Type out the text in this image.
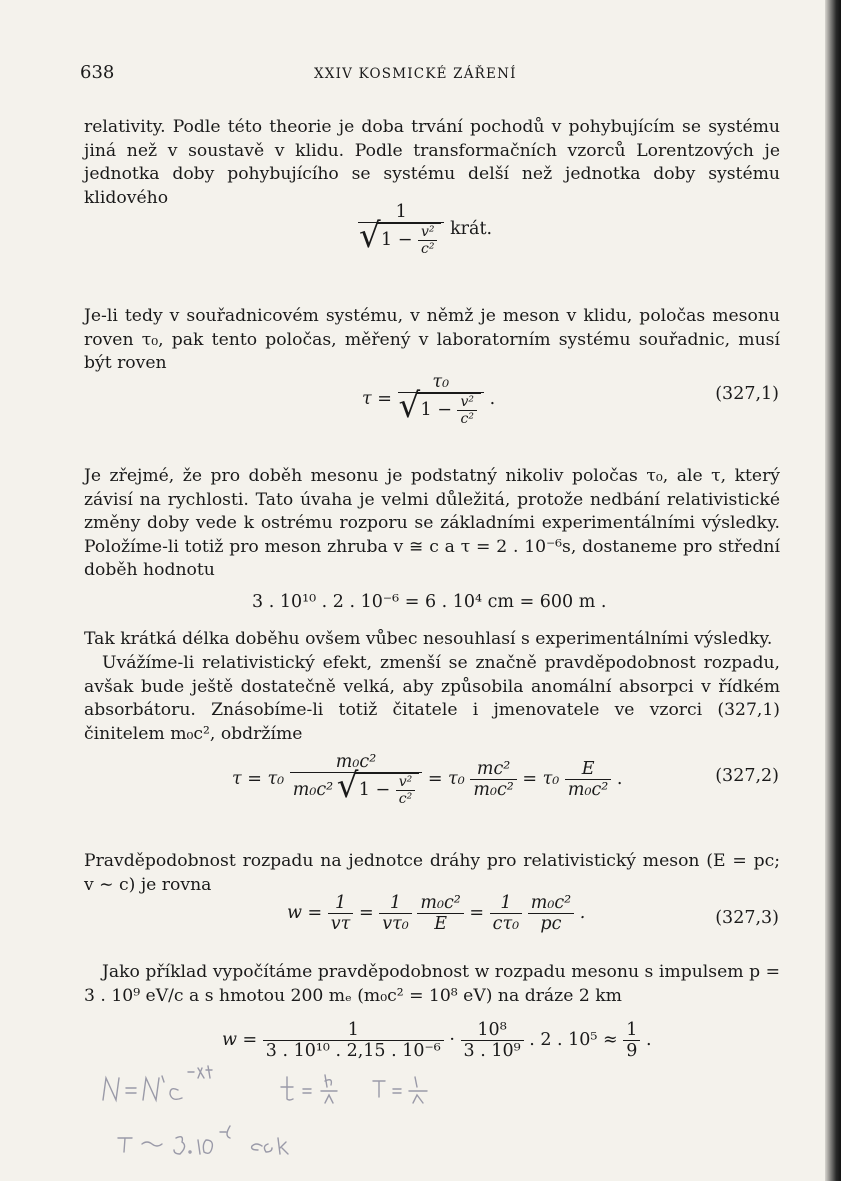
638	XXIV KOSMICKÉ ZÁŘENÍ

relativity. Podle této theorie je doba trvání pochodů v pohybujícím se systému jiná než v soustavě v klidu. Podle transformačních vzorců Lorentzových je jednotka doby pohybujícího se systému delší než jednotka doby systému klidového

1
√ $1 - \frac{\text{v²}}{\text{c²}}$ krát.

Je-li tedy v souřadnicovém systému, v němž je meson v klidu, poločas mesonu roven τ₀, pak tento poločas, měřený v laboratorním systému souřadnic, musí být roven

τ = τ₀
√ $1 - \frac{\text{v²}}{\text{c²}}$ .	(327,1)

Je zřejmé, že pro doběh mesonu je podstatný nikoliv poločas τ₀, ale τ, který závisí na rychlosti. Tato úvaha je velmi důležitá, protože nedbání relativistické změny doby vede k ostrému rozporu se základními experimentálními výsledky. Položíme-li totiž pro meson zhruba v ≅ c a τ = 2 . 10⁻⁶s, dostaneme pro střední doběh hodnotu

3 . 10¹⁰ . 2 . 10⁻⁶ = 6 . 10⁴ cm = 600 m .

Tak krátká délka doběhu ovšem vůbec nesouhlasí s experimentálními výsledky.

Uvážíme-li relativistický efekt, zmenší se značně pravděpodobnost rozpadu, avšak bude ještě dostatečně velká, aby způsobila anomální absorpci v řídkém absorbátoru. Znásobíme-li totiž čitatele i jmenovatele ve vzorci (327,1) činitelem m₀c², obdržíme

τ = τ₀
m₀c²
m₀c² √ $1 - \frac{\text{v²}}{\text{c²}} = \tau_0 \frac{\text{mc²}}{\text{m₀c²}} = \tau_0 \frac{E}{\text{m₀c²}}$ .	(327,2)

Pravděpodobnost rozpadu na jednotce dráhy pro relativistický meson (E = pc; v ∼ c) je rovna

$w = \frac{1}{v\tau} = \frac{1}{\text{vτ₀}}$
$\frac{\text{m₀c²}}{E} = \frac{1}{\text{cτ₀}}$
$\frac{\text{m₀c²}}{pc}$ .	(327,3)

Jako příklad vypočítáme pravděpodobnost w rozpadu mesonu s impulsem p = 3 . 10⁹ eV/c a s hmotou 200 mₑ (m₀c² = 10⁸ eV) na dráze 2 km

$w = \frac{1}{\text{3 . 10¹⁰ . 2,15 . 10⁻⁶}} \cdot \frac{\text{10⁸}}{\text{3 . 10⁹}}$ . 2 . $10^5 \approx \frac{1}{9}$ .
